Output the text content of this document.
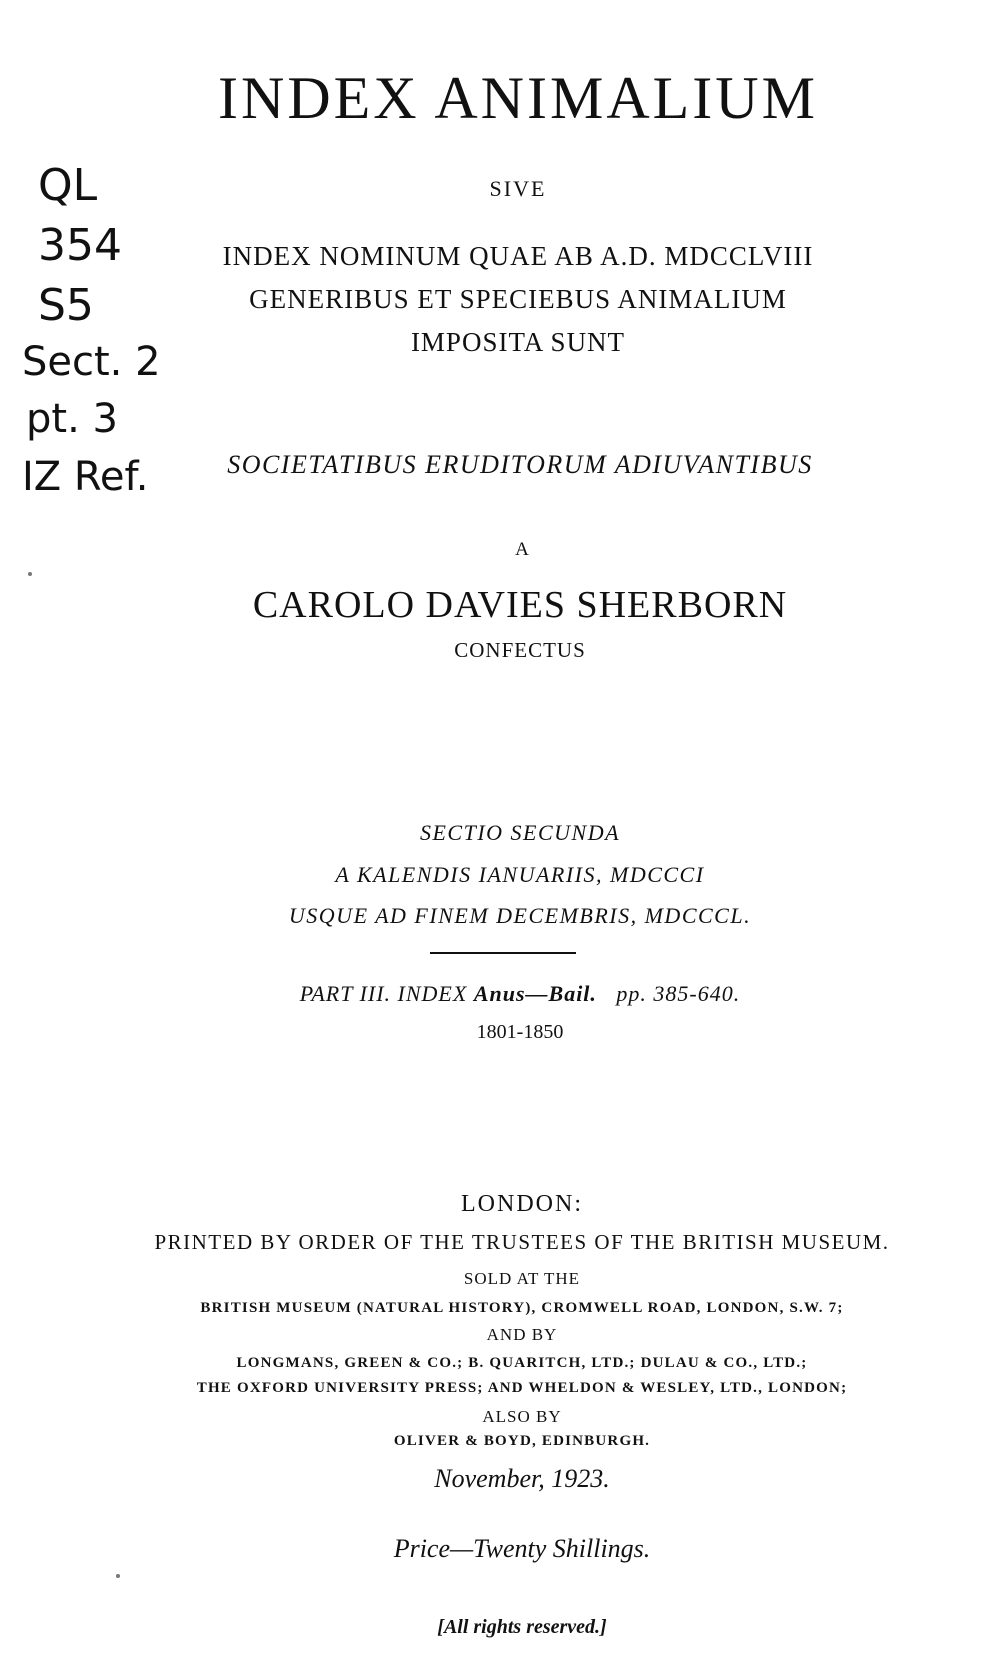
QL
354
S5
Sect. 2
pt. 3
IZ Ref.
INDEX ANIMALIUM
SIVE
INDEX NOMINUM QUAE AB A.D. MDCCLVIII
GENERIBUS ET SPECIEBUS ANIMALIUM
IMPOSITA SUNT
SOCIETATIBUS ERUDITORUM ADIUVANTIBUS
A
CAROLO DAVIES SHERBORN
CONFECTUS
SECTIO SECUNDA
A KALENDIS IANUARIIS, MDCCCI
USQUE AD FINEM DECEMBRIS, MDCCCL.
PART III. INDEX Anus—Bail. pp. 385-640.
1801-1850
LONDON:
PRINTED BY ORDER OF THE TRUSTEES OF THE BRITISH MUSEUM.
SOLD AT THE
BRITISH MUSEUM (NATURAL HISTORY), CROMWELL ROAD, LONDON, S.W. 7;
AND BY
LONGMANS, GREEN & CO.; B. QUARITCH, LTD.; DULAU & CO., LTD.;
THE OXFORD UNIVERSITY PRESS; AND WHELDON & WESLEY, LTD., LONDON;
ALSO BY
OLIVER & BOYD, EDINBURGH.
November, 1923.
Price—Twenty Shillings.
[All rights reserved.]
